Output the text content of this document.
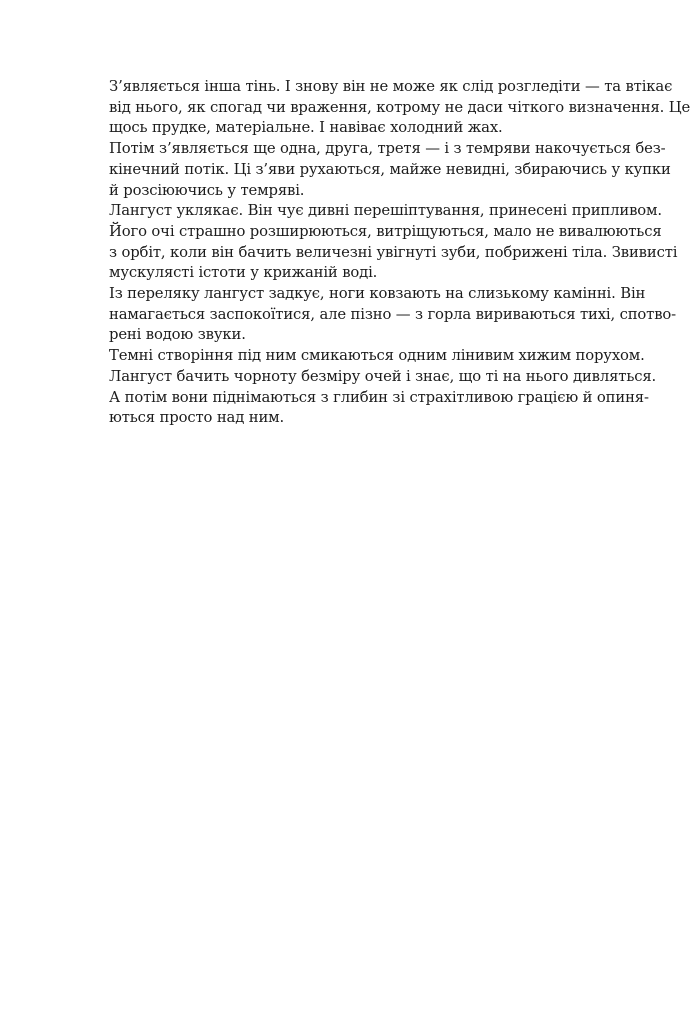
З’являється інша тінь. І знову він не може як слід розгледіти — та втікає
від нього, як спогад чи враження, котрому не даси чіткого визначення. Це
щось прудке, матеріальне. І навіває холодний жах.
Потім з’являється ще одна, друга, третя — і з темряви накочується без-
кінечний потік. Ці з’яви рухаються, майже невидні, збираючись у купки
й розсіюючись у темряві.
Лангуст уклякає. Він чує дивні перешіптування, принесені припливом.
Його очі страшно розширюються, витріщуються, мало не вивалюються
з орбіт, коли він бачить величезні увігнуті зуби, побрижені тіла. Звивисті
мускулясті істоти у крижаній воді.
Із переляку лангуст задкує, ноги ковзають на слизькому камінні. Він
намагається заспокоїтися, але пізно — з горла вириваються тихі, спотво-
рені водою звуки.
Темні створіння під ним смикаються одним лінивим хижим порухом.
Лангуст бачить чорноту безміру очей і знає, що ті на нього дивляться.
А потім вони піднімаються з глибин зі страхітливою грацією й опиня-
ються просто над ним.
